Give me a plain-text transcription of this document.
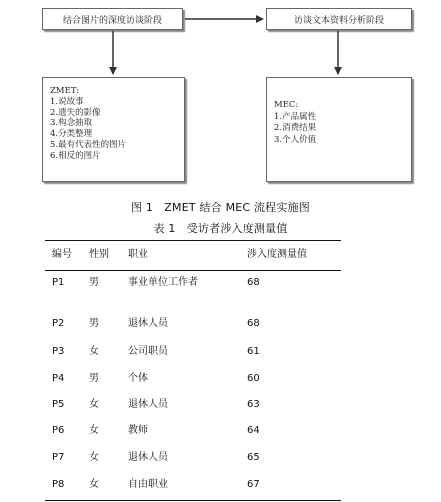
结合图片的深度访谈阶段	访谈文本资料分析阶段
ZMET:
1.说故事
2.遗失的影像
3.构念抽取
4.分类整理
5.最有代表性的图片
6.相反的图片
MEC:
1.产品属性
2.消费结果
3.个人价值
图 1　ZMET 结合 MEC 流程实施图
表 1　受访者涉入度测量值
编号 性别 职业	涉入度测量值
P1 男	事业单位工作者	68
P2 男	退休人员	68
P3 女	公司职员	61
P4 男	个体	60
P5 女	退休人员	63
P6 女	教师	64
P7 女	退休人员	65
P8 女	自由职业	67
